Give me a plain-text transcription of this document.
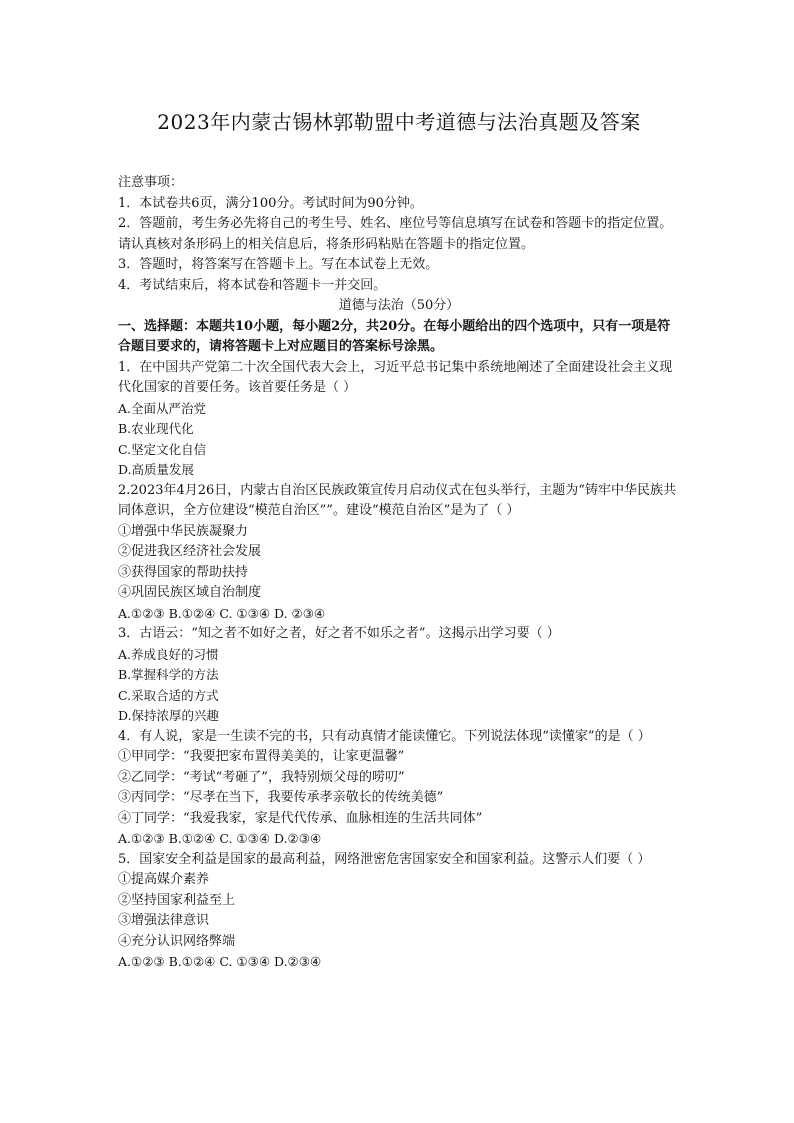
2023年内蒙古锡林郭勒盟中考道德与法治真题及答案
注意事项：
1．本试卷共6页，满分100分。考试时间为90分钟。
2．答题前，考生务必先将自己的考生号、姓名、座位号等信息填写在试卷和答题卡的指定位置。请认真核对条形码上的相关信息后，将条形码粘贴在答题卡的指定位置。
3．答题时，将答案写在答题卡上。写在本试卷上无效。
4．考试结束后，将本试卷和答题卡一并交回。
道德与法治（50分）
一、选择题：本题共10小题，每小题2分，共20分。在每小题给出的四个选项中，只有一项是符合题目要求的，请将答题卡上对应题目的答案标号涂黑。
1．在中国共产党第二十次全国代表大会上，习近平总书记集中系统地阐述了全面建设社会主义现代化国家的首要任务。该首要任务是（ ）
A.全面从严治党
B.农业现代化
C.坚定文化自信
D.高质量发展
2.2023年4月26日，内蒙古自治区民族政策宣传月启动仪式在包头举行，主题为“铸牢中华民族共同体意识，全方位建设“模范自治区””。建设“模范自治区”是为了（ ）
①增强中华民族凝聚力
②促进我区经济社会发展
③获得国家的帮助扶持
④巩固民族区域自治制度
A.①②③ B.①②④ C. ①③④ D. ②③④
3．古语云：“知之者不如好之者，好之者不如乐之者”。这揭示出学习要（ ）
A.养成良好的习惯
B.掌握科学的方法
C.采取合适的方式
D.保持浓厚的兴趣
4．有人说，家是一生读不完的书，只有动真情才能读懂它。下列说法体现“读懂家”的是（ ）
①甲同学：“我要把家布置得美美的，让家更温馨”
②乙同学：“考试“考砸了”，我特别烦父母的唠叨”
③丙同学：“尽孝在当下，我要传承孝亲敬长的传统美德”
④丁同学：“我爱我家，家是代代传承、血脉相连的生活共同体”
A.①②③ B.①②④ C. ①③④ D.②③④
5．国家安全利益是国家的最高利益，网络泄密危害国家安全和国家利益。这警示人们要（ ）
①提高媒介素养
②坚持国家利益至上
③增强法律意识
④充分认识网络弊端
A.①②③ B.①②④ C. ①③④ D.②③④
